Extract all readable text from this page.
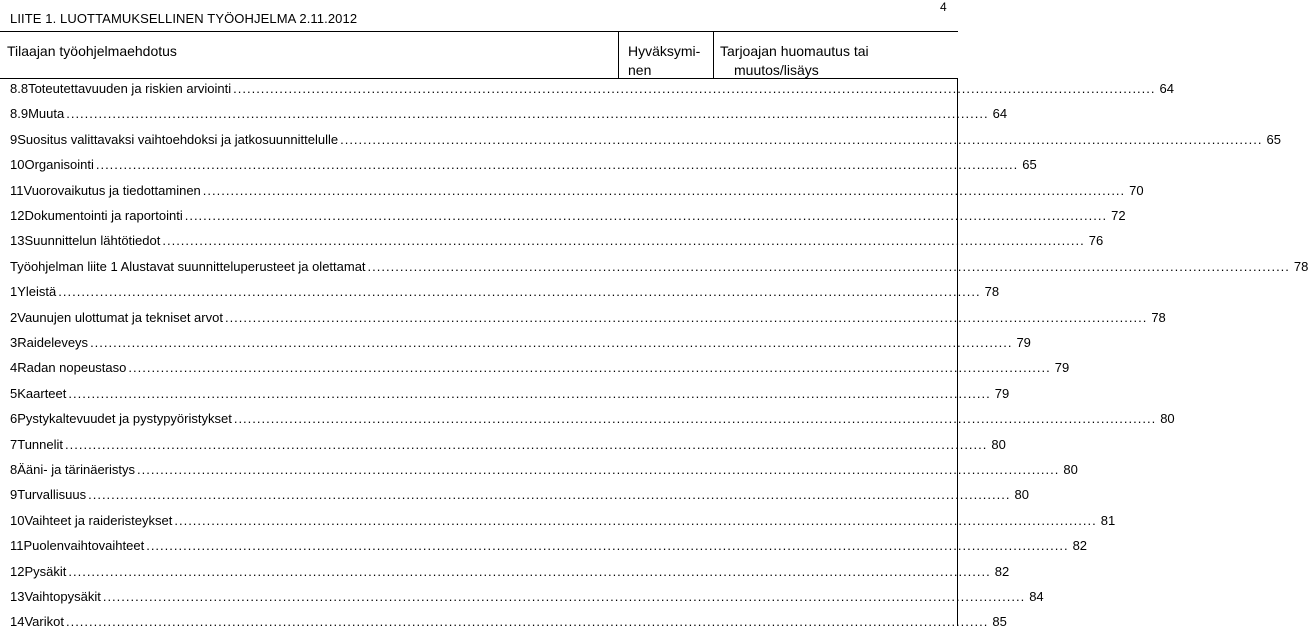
LIITE 1. LUOTTAMUKSELLINEN TYÖOHJELMA 2.11.2012
4
Tilaajan työohjelmaehdotus	Hyväksymi-
nen
Tarjoajan huomautus tai
muutos/lisäys
8.8 Toteutettavuuden ja riskien arviointi ........................................................................................................................................................................................................ 64
8.9 Muuta ........................................................................................................................................................................................................ 64
9 Suositus valittavaksi vaihtoehdoksi ja jatkosuunnittelulle ........................................................................................................................................................................................................ 65
10 Organisointi ........................................................................................................................................................................................................ 65
11 Vuorovaikutus ja tiedottaminen ........................................................................................................................................................................................................ 70
12 Dokumentointi ja raportointi ........................................................................................................................................................................................................ 72
13 Suunnittelun lähtötiedot ........................................................................................................................................................................................................ 76
Työohjelman liite 1 Alustavat suunnitteluperusteet ja olettamat ........................................................................................................................................................................................................ 78
1 Yleistä ........................................................................................................................................................................................................ 78
2 Vaunujen ulottumat ja tekniset arvot ........................................................................................................................................................................................................ 78
3 Raideleveys ........................................................................................................................................................................................................ 79
4 Radan nopeustaso ........................................................................................................................................................................................................ 79
5 Kaarteet ........................................................................................................................................................................................................ 79
6 Pystykaltevuudet ja pystypyöristykset ........................................................................................................................................................................................................ 80
7 Tunnelit ........................................................................................................................................................................................................ 80
8 Ääni- ja tärinäeristys ........................................................................................................................................................................................................ 80
9 Turvallisuus ........................................................................................................................................................................................................ 80
10 Vaihteet ja raideristeykset ........................................................................................................................................................................................................ 81
11 Puolenvaihtovaihteet ........................................................................................................................................................................................................ 82
12 Pysäkit ........................................................................................................................................................................................................ 82
13 Vaihtopysäkit ........................................................................................................................................................................................................ 84
14 Varikot ........................................................................................................................................................................................................ 85
